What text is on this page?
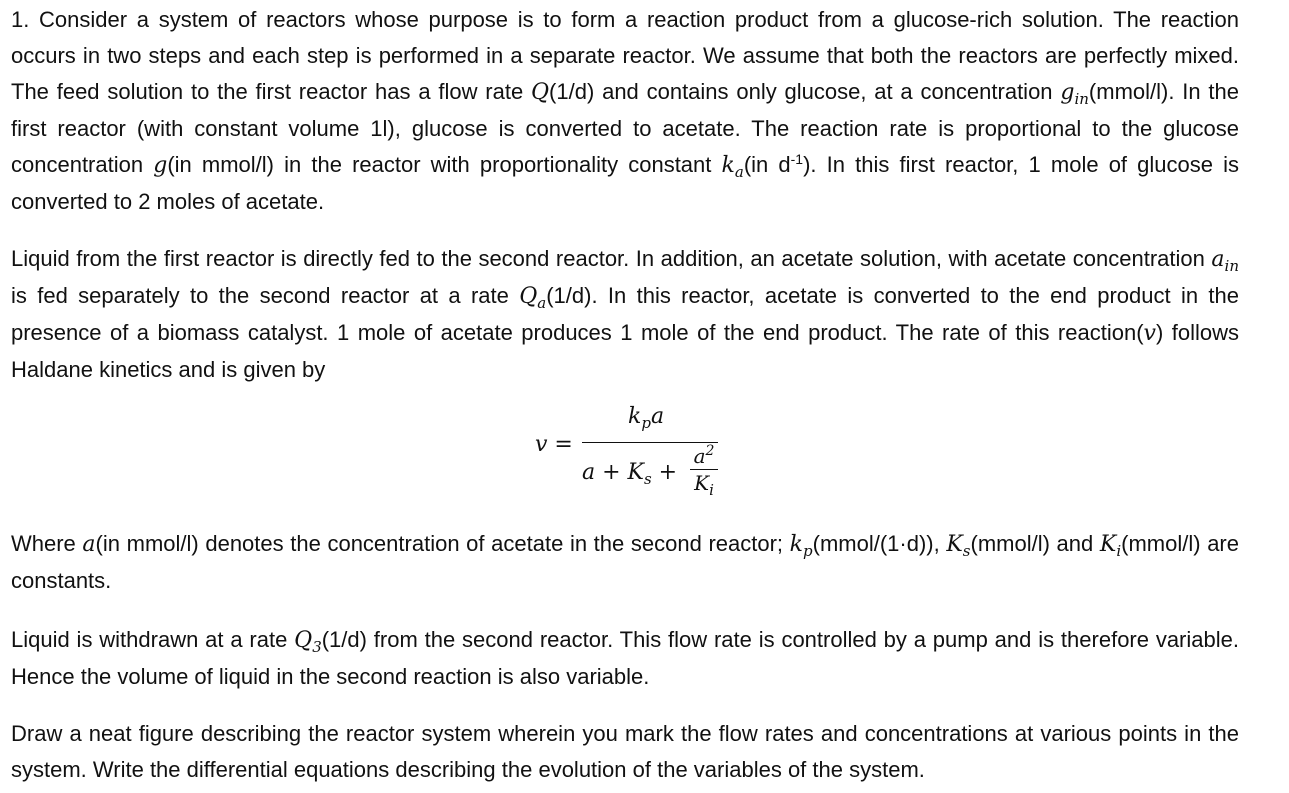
1. Consider a system of reactors whose purpose is to form a reaction product from a glucose-rich solution. The reaction occurs in two steps and each step is performed in a separate reactor. We assume that both the reactors are perfectly mixed. The feed solution to the first reactor has a flow rate Q(1/d) and contains only glucose, at a concentration $g_{in}(mmol/l)$. In the first reactor (with constant volume 1l), glucose is converted to acetate. The reaction rate is proportional to the glucose concentration g(in mmol/l) in the reactor with proportionality constant $k_a(in$ $d^{-1}$). In this first reactor, 1 mole of glucose is converted to 2 moles of acetate.

Liquid from the first reactor is directly fed to the second reactor. In addition, an acetate solution, with acetate concentration $a_{in}$ is fed separately to the second reactor at a rate $Q_a(1/d)$. In this reactor, acetate is converted to the end product in the presence of a biomass catalyst. 1 mole of acetate produces 1 mole of the end product. The rate of this reaction(v) follows Haldane kinetics and is given by

v =
$k_pa$
$a + K_s$ +
$a^2$
$K_i$

Where a(in mmol/l) denotes the concentration of acetate in the second reactor; $k_p(mmol/(1\cdot d))$, $K_s(mmol/l)$ and $K_i(mmol/l)$ are constants.

Liquid is withdrawn at a rate $Q_3(1/d)$ from the second reactor. This flow rate is controlled by a pump and is therefore variable. Hence the volume of liquid in the second reaction is also variable.

Draw a neat figure describing the reactor system wherein you mark the flow rates and concentrations at various points in the system. Write the differential equations describing the evolution of the variables of the system.
